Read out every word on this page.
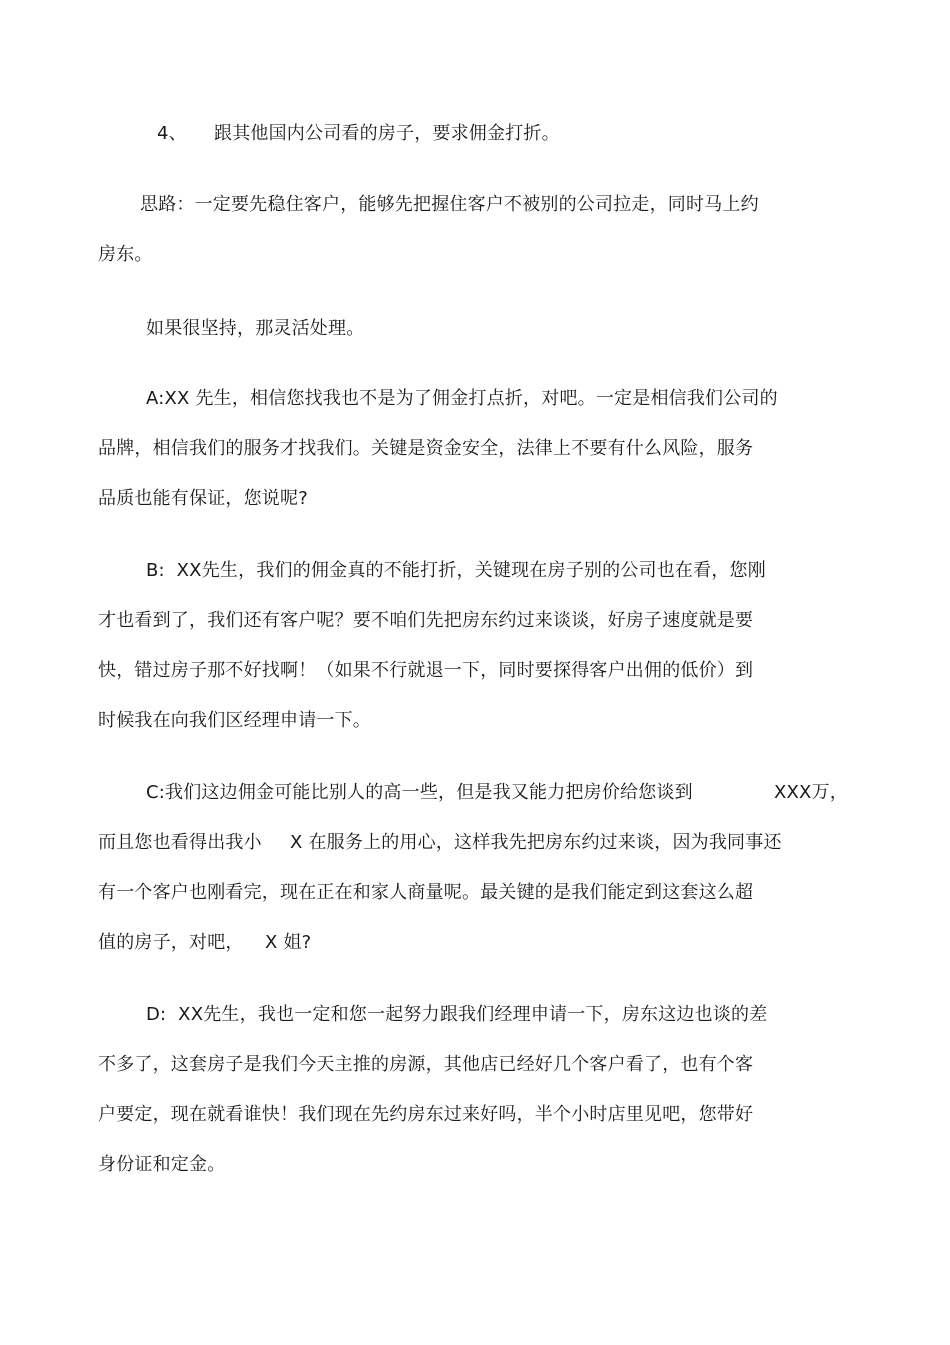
4、 跟其他国内公司看的房子，要求佣金打折。
思路：一定要先稳住客户，能够先把握住客户不被别的公司拉走，同时马上约
房东。
如果很坚持，那灵活处理。
A:XX 先生，相信您找我也不是为了佣金打点折，对吧。一定是相信我们公司的
品牌，相信我们的服务才找我们。关键是资金安全，法律上不要有什么风险，服务
品质也能有保证，您说呢?
B:  XX先生，我们的佣金真的不能打折，关键现在房子别的公司也在看，您刚
才也看到了，我们还有客户呢？要不咱们先把房东约过来谈谈，好房子速度就是要
快，错过房子那不好找啊！（如果不行就退一下，同时要探得客户出佣的低价）到
时候我在向我们区经理申请一下。
C:我们这边佣金可能比别人的高一些，但是我又能力把房价给您谈到	XXX万，
而且您也看得出我小 X 在服务上的用心，这样我先把房东约过来谈，因为我同事还
有一个客户也刚看完，现在正在和家人商量呢。最关键的是我们能定到这套这么超
值的房子，对吧， X 姐?
D:  XX先生，我也一定和您一起努力跟我们经理申请一下，房东这边也谈的差
不多了，这套房子是我们今天主推的房源，其他店已经好几个客户看了，也有个客
户要定，现在就看谁快！我们现在先约房东过来好吗，半个小时店里见吧，您带好
身份证和定金。
